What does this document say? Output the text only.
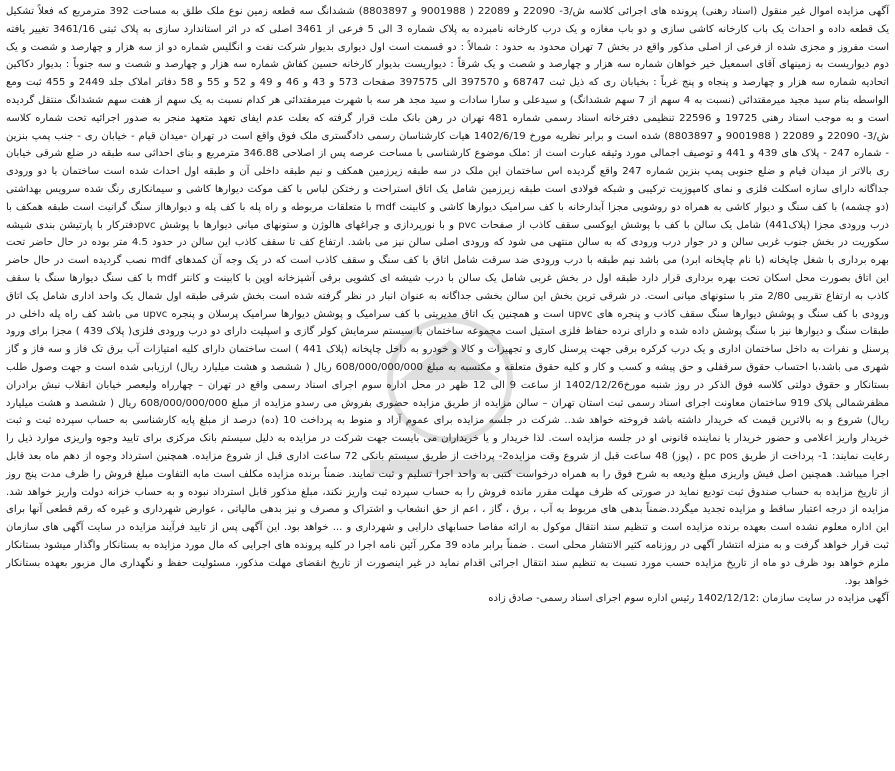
آگهی مزایده اموال غیر منقول (اسناد رهنی) پرونده های اجرائی کلاسه ش/3- 22090 و 22089 ( 9001988 و 8803897) ششدانگ سه قطعه زمین نوع ملک طلق به مساحت 392 مترمربع که فعلاً تشکیل یک قطعه داده و احداث یک باب کارخانه کاشی سازی و دو باب مغازه و یک درب کارخانه نامبرده به پلاک شماره 3 الی 5 فرعی از 3461 اصلی که در اثر استاندارد سازی به پلاک ثبتی 3461/16 تغییر یافته است مفروز و مجزی شده از فرعی از اصلی مذکور واقع در بخش 7 تهران محدود به حدود : شمالاً : دو قسمت است اول دیواری بدیوار شرکت نفت و انگلیس شماره دو از سه هزار و چهارصد و شصت و یک دوم دیواریست به زمینهای آقای اسمعیل خیر خواهان شماره سه هزار و چهارصد و شصت و یک شرقاً : دیواریست بدیوار کارخانه حسین کفاش شماره سه هزار و چهارصد و شصت و سه جنوباً : بدیوار دکاکین اتحادیه شماره سه هزار و چهارصد و پنجاه و پنج غرباً : بخیابان ری که ذیل ثبت 68747 و 397570 الی 397575 صفحات 573 و 43 و 46 و 49 و 52 و 55 و 58 دفاتر املاک جلد 2449 و 455 ثبت ومع الواسطه بنام سید مجید میرمقتدائی (نسبت به 4 سهم از 7 سهم ششدانگ) و سیدعلی و سارا سادات و سید مجد هر سه با شهرت میرمقتدائی هر کدام نسبت به یک سهم از هفت سهم ششدانگ منتقل گردیده است و به موجب اسناد رهنی 19725 و 22596 تنظیمی دفترخانه اسناد رسمی شماره 481 تهران در رهن بانک ملت قرار گرفته که بعلت عدم ایفای تعهد متعهد منجر به صدور اجرائیه تحت شماره کلاسه ش/3- 22090 و 22089 ( 9001988 و 8803897) شده است و برابر نظریه مورخ 1402/6/19 هیات کارشناسان رسمی دادگستری ملک فوق واقع است در تهران -میدان قیام - خیابان ری - جنب پمپ بنزین - شماره 247 - پلاک های 439 و 441 و توصیف اجمالی مورد وثیقه عبارت است از :ملک موضوع کارشناسی با مساحت عرصه پس از اصلاحی 346.88 مترمربع و بنای احداثی سه طبقه در ضلع شرقی خیابان ری بالاتر از میدان قیام و ضلع جنوبی پمپ بنزین شماره 247 واقع گردیده اس ساختمان این ملک در سه طبقه زیرزمین همکف و نیم طبقه داخلی آن و طبقه اول احداث شده است ساختمان با دو ورودی جداگانه دارای سازه اسکلت فلزی و نمای کامپوزیت ترکیبی و شبکه فولادی است طبقه زیرزمین شامل یک اتاق استراحت و رختکن لباس با کف موکت دیوارها کاشی و سیمانکاری رنگ شده سرویس بهداشتی (دو چشمه) با کف سنگ و دیوار کاشی به همراه دو روشویی مجزا آبدارخانه با کف سرامیک دیوارها کاشی و کابینت mdf با متعلقات مربوطه و راه پله با کف پله و دیوارهااز سنگ گرانیت است طبقه همکف با درب ورودی مجزا (پلاک441) شامل یک سالن با کف با پوشش ایوکسی سقف کاذب از صفحات pvc و با نورپردازی و چراغهای هالوژن و ستونهای میانی دیوارها با پوشش pvcدفترکار با پارتیشن بندی شیشه سکوریت در بخش جنوب غربی سالن و در جوار درب ورودی که به سالن منتهی می شود که ورودی اصلی سالن نیز می باشد. ارتفاع کف تا سقف کاذب این سالن در حدود 4.5 متر بوده در حال حاضر تحت بهره برداری با شغل چاپخانه (با نام چاپخانه ابرد) می باشد نیم طبقه با درب ورودی ضد سرقت شامل اتاق با کف سنگ و سقف کاذب است که در یک وجه آن کمدهای mdf نصب گردیده است در حال حاضر این اتاق بصورت محل اسکان تحت بهره برداری قرار دارد طبقه اول در بخش غربی شامل یک سالن با درب شیشه ای کشویی برقی آشپزخانه اوپن با کابینت و کانتر mdf با کف سنگ دیوارها سنگ با سقف کاذب به ارتفاع تقریبی 2/80 متر با ستونهای میانی است. در شرقی ترین بخش این سالن بخشی جداگانه به عنوان انبار در نظر گرفته شده است بخش شرقی طبقه اول شمال یک واحد اداری شامل یک اتاق ورودی با کف سنگ و پوشش دیوارها سنگ سقف کاذب و پنجره های upvc است و همچنین یک اتاق مدیریتی با کف سرامیک و پوشش دیوارها سرامیک پرسلان و پنجره upvc می باشد کف راه پله داخلی در طبقات سنگ و دیوارها نیز با سنگ پوشش داده شده و دارای نرده حفاظ فلزی استیل است مجموعه ساختمان با سیستم سرمایش کولر گازی و اسپلیت دارای دو درب ورودی فلزی( پلاک 439 ) مجزا برای ورود پرسنل و نفرات به داخل ساختمان اداری و یک درب کرکره برقی جهت پرسنل کاری و تجهیزات و کالا و خودرو به داخل چاپخانه (پلاک 441 ) است ساختمان دارای کلیه امتیازات آب برق تک فاز و سه فاز و گاز شهری می باشد،با احتساب حقوق سرقفلی و حق پیشه و کسب و کار و کلیه حقوق متعلقه و مکتسبه به مبلغ 608/000/000/000 ریال ( ششصد و هشت میلیارد ریال) ارزیابی شده است و جهت وصول طلب بستانکار و حقوق دولتی کلاسه فوق الذکر در روز شنبه مورخ1402/12/26 از ساعت 9 الی 12 ظهر در محل اداره سوم اجرای اسناد رسمی واقع در تهران – چهارراه ولیعصر خیابان انقلاب نبش برادران مظفرشمالی پلاک 919 ساختمان معاونت اجرای اسناد رسمی ثبت استان تهران – سالن مزایده از طریق مزایده حضوری بفروش می رسدو مزایده از مبلغ 608/000/000/000 ریال ( ششصد و هشت میلیارد ریال) شروع و به بالاترین قیمت که خریدار داشته باشد فروخته خواهد شد.. شرکت در جلسه مزایده برای عموم آزاد و منوط به پرداخت 10 (ده) درصد از مبلغ پایه کارشناسی به حساب سپرده ثبت و ثبت خریدار واریز اعلامی و حضور خریدار یا نماینده قانونی او در جلسه مزایده است. لذا خریدار و یا خریداران می بایست جهت شرکت در مزایده به دلیل سیستم بانک مرکزی برای تایید وجوه واریزی موارد ذیل را رعایت نمایند: 1- پرداخت از طریق pc pos ، (پوز) 48 ساعت قبل از شروع وقت مزایده2- پرداخت از طریق سیستم بانکی 72 ساعت اداری قبل از شروع مزایده. همچنین استرداد وجوه از دهم ماه بعد قابل اجرا میباشد. همچنین اصل فیش واریزی مبلغ ودیعه به شرح فوق را به همراه درخواست کتبی به واحد اجرا تسلیم و ثبت نمایند. ضمناً برنده مزایده مکلف است مابه التفاوت مبلغ فروش را ظرف مدت پنج روز از تاریخ مزایده به حساب صندوق ثبت تودیع نماید در صورتی که ظرف مهلت مقرر مانده فروش را به حساب سپرده ثبت واریز نکند، مبلغ مذکور قابل استرداد نبوده و به حساب خزانه دولت واریز خواهد شد. مزایده از درجه اعتبار ساقط و مزایده تجدید میگردد.ضمناً بدهی های مربوط به آب ، برق ، گاز ، اعم از حق انشعاب و اشتراک و مصرف و نیز بدهی مالیاتی ، عوارض شهرداری و غیره که رقم قطعی آنها برای این اداره معلوم نشده است بعهده برنده مزایده است و تنظیم سند انتقال موکول به ارائه مفاصا حسابهای دارایی و شهرداری و ... خواهد بود. این آگهی پس از تایید فرآیند مزایده در سایت آگهی های سازمان ثبت قرار خواهد گرفت و به منزله انتشار آگهی در روزنامه کثیر الانتشار محلی است . ضمناً برابر ماده 39 مکرر آئین نامه اجرا در کلیه پرونده های اجرایی که مال مورد مزایده به بستانکار واگذار میشود بستانکار ملزم خواهد بود ظرف دو ماه از تاریخ مزایده حسب مورد نسبت به تنظیم سند انتقال اجرائی اقدام نماید در غیر اینصورت از تاریخ انقضای مهلت مذکور، مسئولیت حفظ و نگهداری مال مزبور بعهده بستانکار خواهد بود.

آگهی مزایده در سایت سازمان :1402/12/12 رئیس اداره سوم اجرای اسناد رسمی- صادق زاده
